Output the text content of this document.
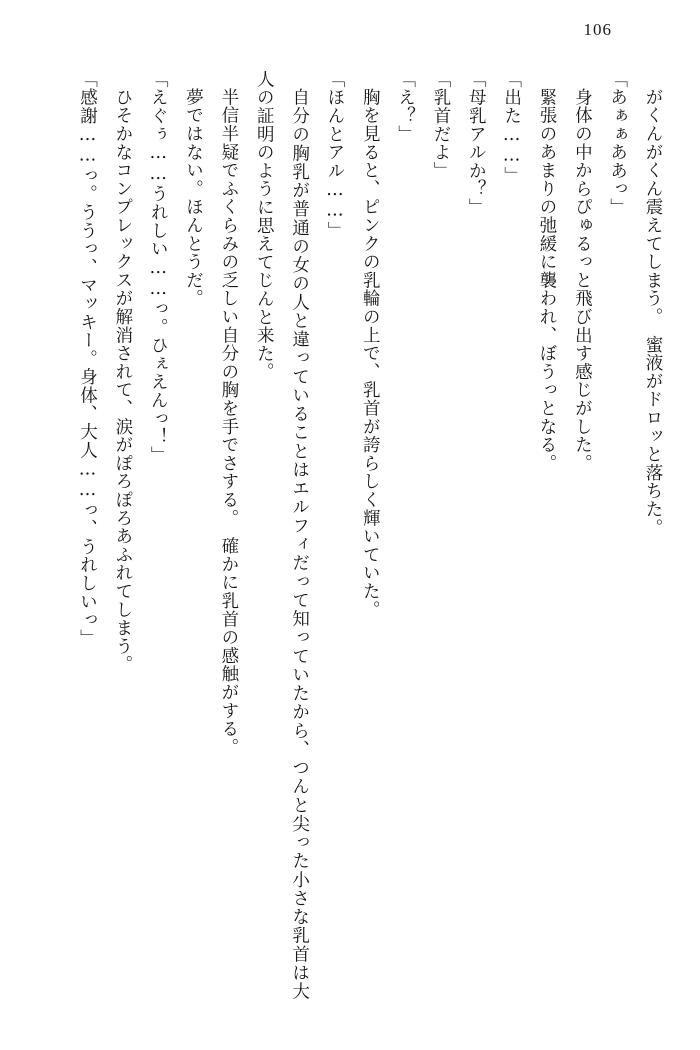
106

がくんがくん震えてしまう。　蜜液がドロッと落ちた。

「あぁぁああっ」

身体の中からぴゅるっと飛び出す感じがした。

緊張のあまりの弛緩に襲われ、ぼうっとなる。

「出た……」

「母乳アルか？」

「乳首だよ」

「え？」

胸を見ると、ピンクの乳輪の上で、乳首が誇らしく輝いていた。

「ほんとアル……」

自分の胸乳が普通の女の人と違っていることはエルフィだって知っていたから、つんと尖った小さな乳首は大人の証明のように思えてじんと来た。

半信半疑でふくらみの乏しい自分の胸を手でさする。　確かに乳首の感触がする。

夢ではない。ほんとうだ。

「えぐぅ……うれしい……っ。ひぇえんっ！」

ひそかなコンプレックスが解消されて、涙がぽろぽろあふれてしまう。

「感謝……っ。ううっ、マッキー。身体、大人……っ、うれしいっ」
